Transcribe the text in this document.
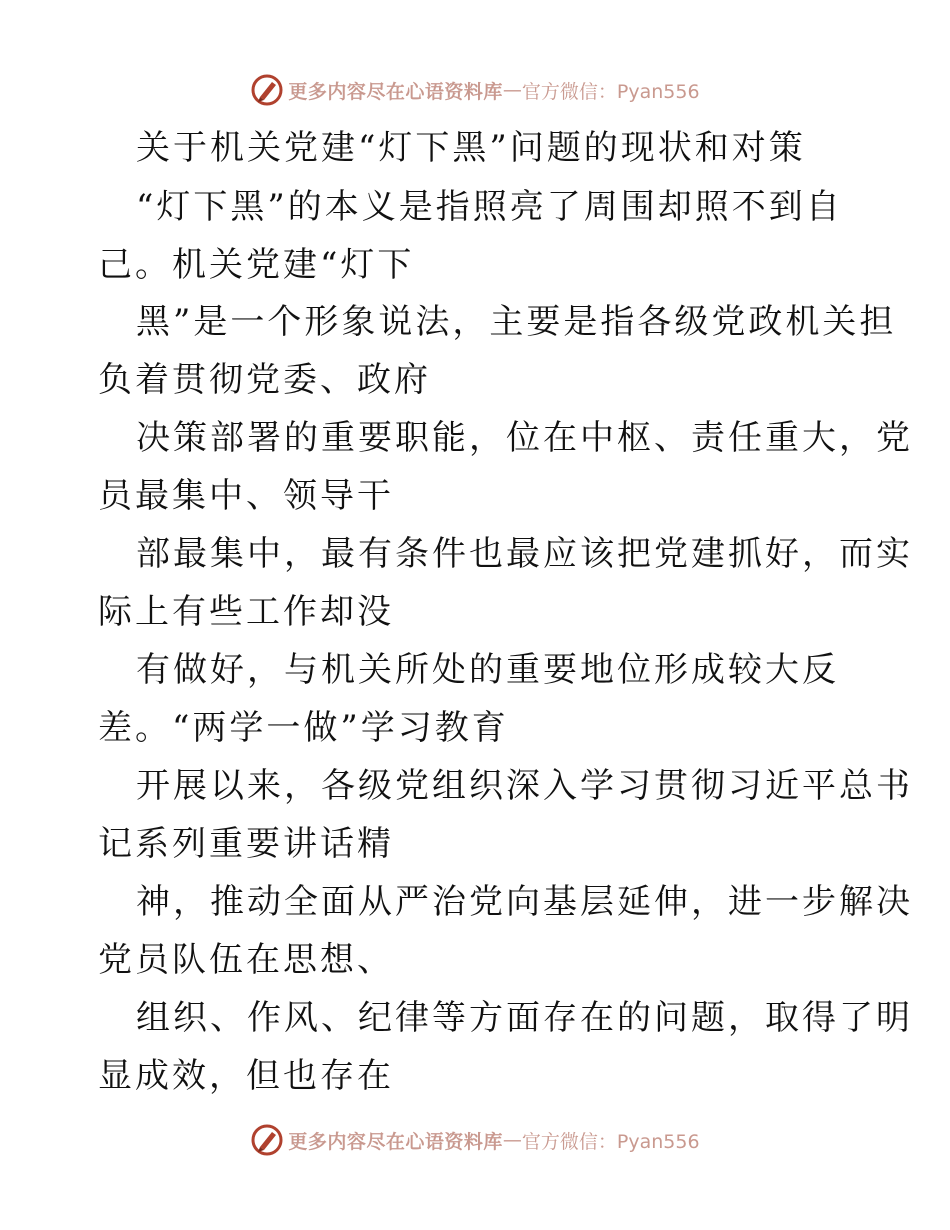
更多内容尽在心语资料库 — 官方微信：Pyan556
关于机关党建“灯下黑”问题的现状和对策
“灯下黑”的本义是指照亮了周围却照不到自
己。机关党建“灯下
黑”是一个形象说法，主要是指各级党政机关担
负着贯彻党委、政府
决策部署的重要职能，位在中枢、责任重大，党
员最集中、领导干
部最集中，最有条件也最应该把党建抓好，而实
际上有些工作却没
有做好，与机关所处的重要地位形成较大反
差。“两学一做”学习教育
开展以来，各级党组织深入学习贯彻习近平总书
记系列重要讲话精
神，推动全面从严治党向基层延伸，进一步解决
党员队伍在思想、
组织、作风、纪律等方面存在的问题，取得了明
显成效，但也存在
更多内容尽在心语资料库 — 官方微信：Pyan556
